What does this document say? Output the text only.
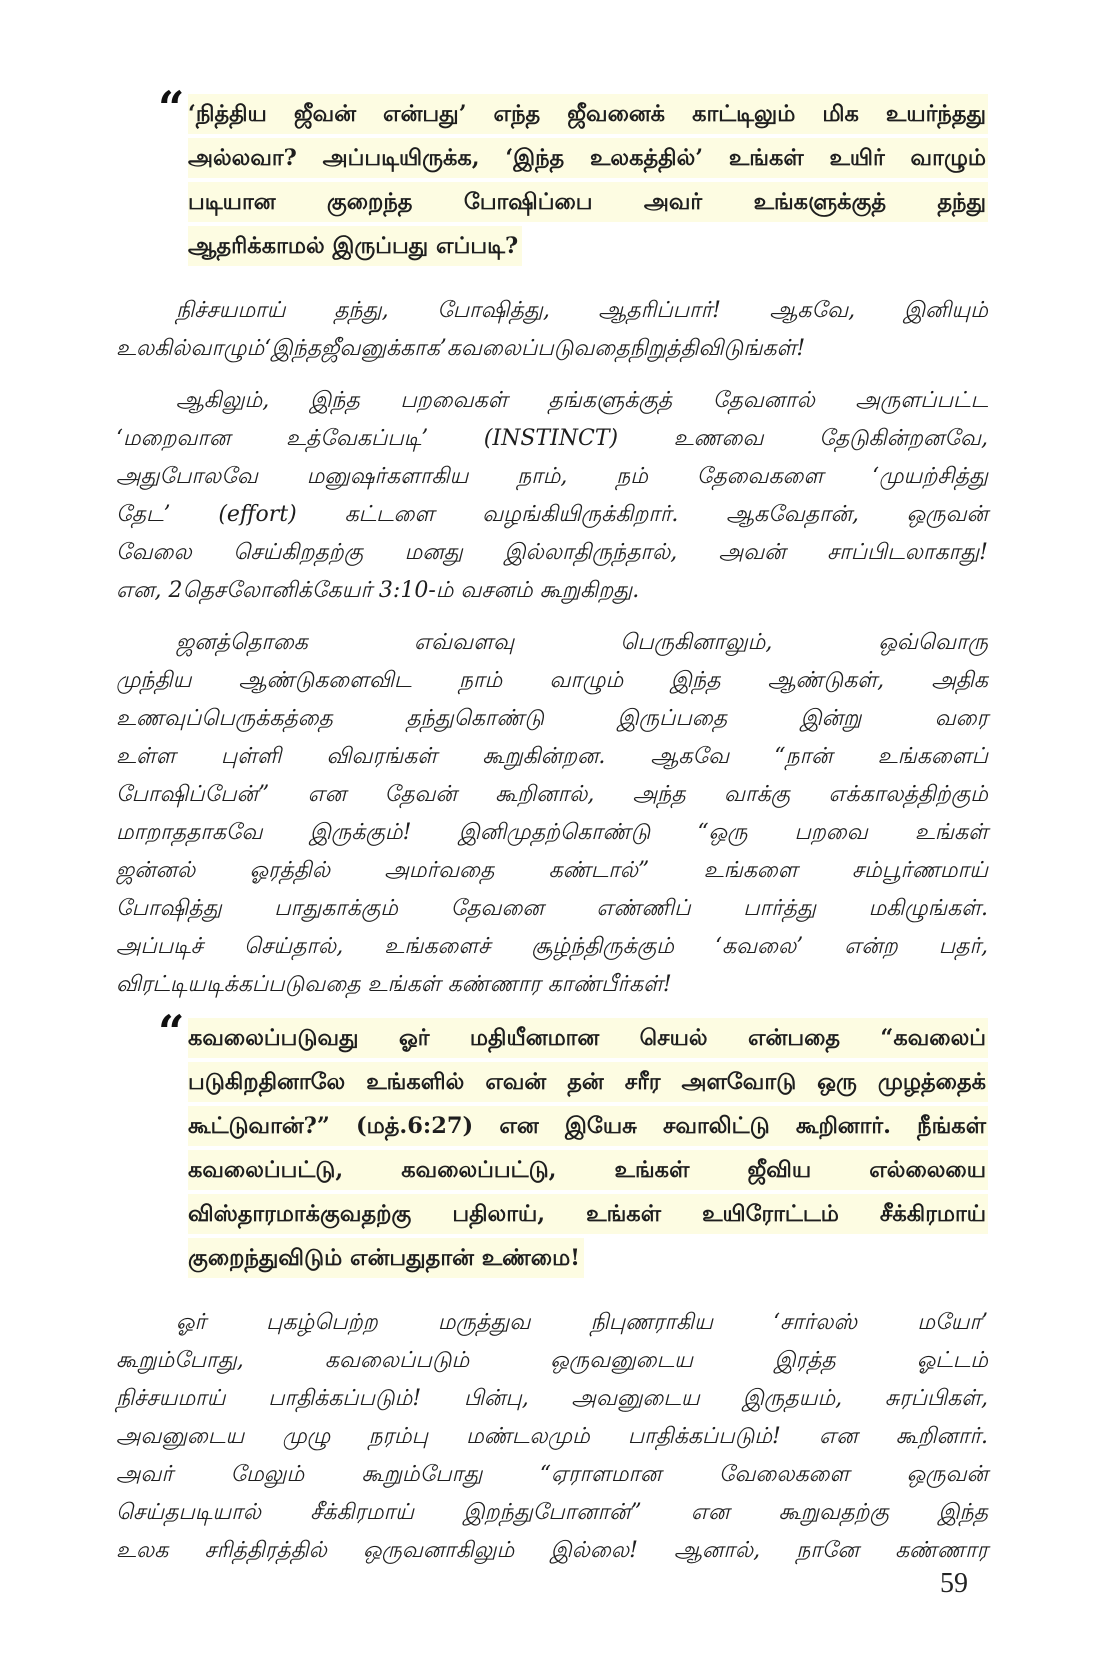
“ ‘நித்திய ஜீவன் என்பது’ எந்த ஜீவனைக் காட்டிலும் மிக உயர்ந்தது
அல்லவா? அப்படியிருக்க, ‘இந்த உலகத்தில்’ உங்கள் உயிர் வாழும்
படியான குறைந்த போஷிப்பை அவர் உங்களுக்குத் தந்து
ஆதரிக்காமல் இருப்பது எப்படி?
நிச்சயமாய் தந்து, போஷித்து, ஆதரிப்பார்! ஆகவே, இனியும்
உலகில்வாழும்‘இந்தஜீவனுக்காக’கவலைப்படுவதைநிறுத்திவிடுங்கள்!
ஆகிலும், இந்த பறவைகள் தங்களுக்குத் தேவனால் அருளப்பட்ட
‘மறைவான உத்வேகப்படி’ (INSTINCT) உணவை தேடுகின்றனவே,
அதுபோலவே மனுஷர்களாகிய நாம், நம் தேவைகளை ‘முயற்சித்து
தேட’ (effort) கட்டளை வழங்கியிருக்கிறார். ஆகவேதான், ஒருவன்
வேலை செய்கிறதற்கு மனது இல்லாதிருந்தால், அவன் சாப்பிடலாகாது!
என, 2தெசலோனிக்கேயர் 3:10-ம் வசனம் கூறுகிறது.
ஜனத்தொகை எவ்வளவு பெருகினாலும், ஒவ்வொரு
முந்திய ஆண்டுகளைவிட நாம் வாழும் இந்த ஆண்டுகள், அதிக
உணவுப்பெருக்கத்தை தந்துகொண்டு இருப்பதை இன்று வரை
உள்ள புள்ளி விவரங்கள் கூறுகின்றன. ஆகவே “நான் உங்களைப்
போஷிப்பேன்” என தேவன் கூறினால், அந்த வாக்கு எக்காலத்திற்கும்
மாறாததாகவே இருக்கும்! இனிமுதற்கொண்டு “ஒரு பறவை உங்கள்
ஜன்னல் ஓரத்தில் அமர்வதை கண்டால்” உங்களை சம்பூர்ணமாய்
போஷித்து பாதுகாக்கும் தேவனை எண்ணிப் பார்த்து மகிழுங்கள்.
அப்படிச் செய்தால், உங்களைச் சூழ்ந்திருக்கும் ‘கவலை’ என்ற பதர்,
விரட்டியடிக்கப்படுவதை உங்கள் கண்ணார காண்பீர்கள்!
“ கவலைப்படுவது ஓர் மதியீனமான செயல் என்பதை “கவலைப்
படுகிறதினாலே உங்களில் எவன் தன் சரீர அளவோடு ஒரு முழத்தைக்
கூட்டுவான்?” (மத்.6:27) என இயேசு சவாலிட்டு கூறினார். நீங்கள்
கவலைப்பட்டு, கவலைப்பட்டு, உங்கள் ஜீவிய எல்லையை
விஸ்தாரமாக்குவதற்கு பதிலாய், உங்கள் உயிரோட்டம் சீக்கிரமாய்
குறைந்துவிடும் என்பதுதான் உண்மை!
ஓர் புகழ்பெற்ற மருத்துவ நிபுணராகிய ‘சார்லஸ் மயோ’
கூறும்போது, கவலைப்படும் ஒருவனுடைய இரத்த ஓட்டம்
நிச்சயமாய் பாதிக்கப்படும்! பின்பு, அவனுடைய இருதயம், சுரப்பிகள்,
அவனுடைய முழு நரம்பு மண்டலமும் பாதிக்கப்படும்! என கூறினார்.
அவர் மேலும் கூறும்போது “ஏராளமான வேலைகளை ஒருவன்
செய்தபடியால் சீக்கிரமாய் இறந்துபோனான்” என கூறுவதற்கு இந்த
உலக சரித்திரத்தில் ஒருவனாகிலும் இல்லை! ஆனால், நானே கண்ணார
59
